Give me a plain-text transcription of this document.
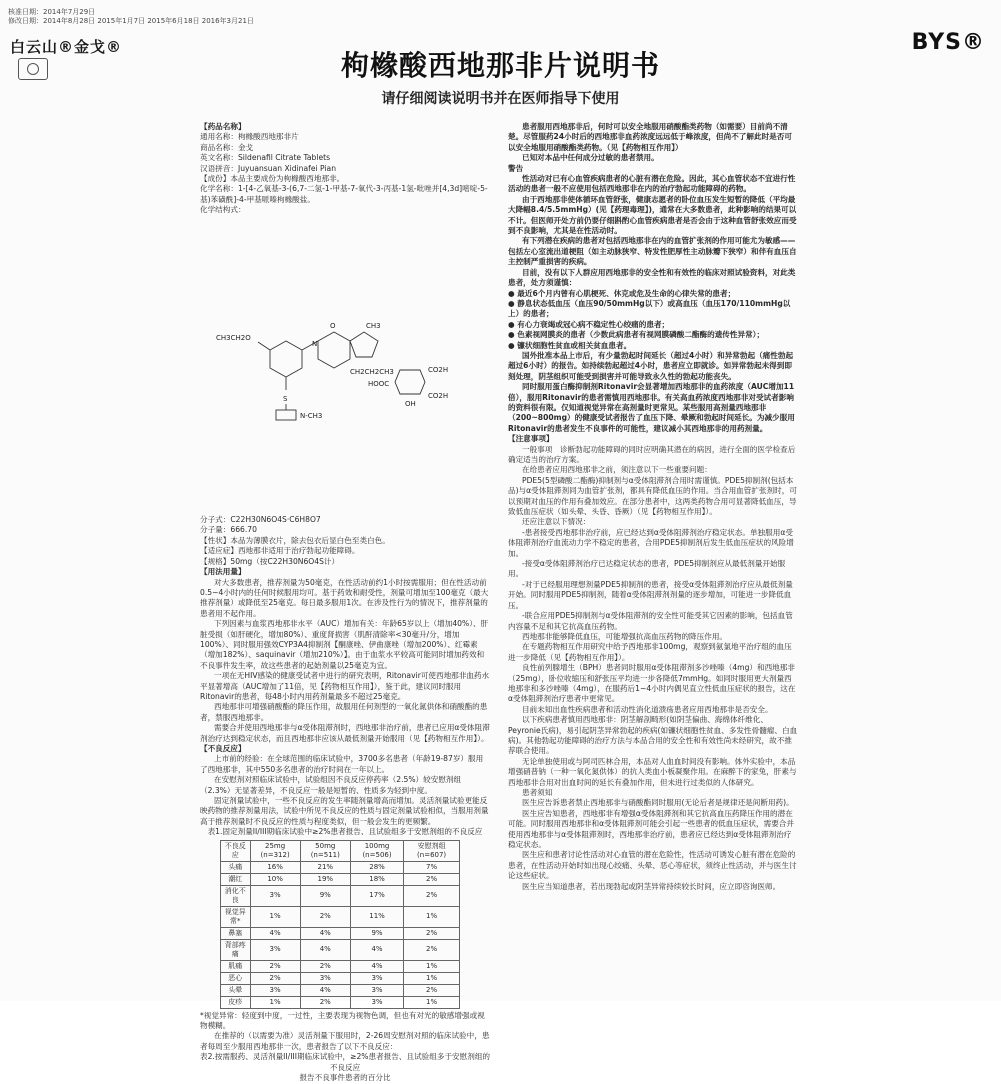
核准日期：2014年7月29日
修改日期：2014年8月28日 2015年1月7日 2015年6月18日 2016年3月21日
白云山®金戈®	BYS®
枸橼酸西地那非片说明书
请仔细阅读说明书并在医师指导下使用

【药品名称】

通用名称：枸橼酸西地那非片

商品名称：金戈

英文名称：Sildenafil Citrate Tablets

汉语拼音：Juyuansuan Xidinafei Pian

【成份】本品主要成份为枸橼酸西地那非。

化学名称：1-[4-乙氧基-3-(6,7-二氢-1-甲基-7-氧代-3-丙基-1氢-吡唑并[4,3d]嘧啶-5-基)苯磺酰]-4-甲基哌嗪枸橼酸盐。

化学结构式：

CH3CH2O
N
CH3
CH2CH2CH3
O
S
N-CH3
CO2H
HOOC
CO2H
OH

分子式：C22H30N6O4S·C6H8O7

分子量：666.70

【性状】本品为薄膜衣片，除去包衣后显白色至类白色。

【适应症】西地那非适用于治疗勃起功能障碍。

【规格】50mg（按C22H30N6O4S计）

【用法用量】

对大多数患者，推荐剂量为50毫克，在性活动前约1小时按需服用；但在性活动前0.5~4小时内的任何时候服用均可。基于药效和耐受性，剂量可增加至100毫克（最大推荐剂量）或降低至25毫克。每日最多服用1次。在涉及性行为的情况下，推荐剂量的患者用不起作用。

下列因素与血浆西地那非水平（AUC）增加有关：年龄65岁以上（增加40%）、肝脏受损（如肝硬化，增加80%）、重度肾损害（肌酐清除率<30毫升/分，增加100%）、同时服用强效CYP3A4抑制剂【酮康唑、伊曲康唑（增加200%）、红霉素（增加182%）、saquinavir（增加210%）】。由于血浆水平较高可能同时增加药效和不良事件发生率，故这些患者的起始剂量以25毫克为宜。

一项在无HIV感染的健康受试者中进行的研究表明，Ritonavir可使西地那非血药水平显著增高（AUC增加了11倍，见【药物相互作用】），鉴于此，建议同时服用Ritonavir的患者，每48小时内用药剂量最多不超过25毫克。

西地那非可增强硝酸酯的降压作用，故服用任何剂型的一氧化氮供体和硝酸酯的患者，禁服西地那非。

需要合并使用西地那非与α受体阻滞剂时，西地那非治疗前，患者已应用α受体阻滞剂治疗达到稳定状态，而且西地那非应该从最低剂量开始服用（见【药物相互作用】）。

【不良反应】

上市前的经验：在全球范围的临床试验中，3700多名患者（年龄19-87岁）服用了西地那非，其中550多名患者的治疗时间在一年以上。

在安慰剂对照临床试验中，试验组因不良反应停药率（2.5%）较安慰剂组（2.3%）无显著差异，不良反应一般是短暂的、性质多为轻到中度。

固定剂量试验中，一些不良反应的发生率随剂量增高而增加。灵活剂量试验更能反映药物的推荐剂量用法，试验中所见不良反应的性质与固定剂量试验相似，当服用剂量高于推荐剂量时不良反应的性质与程度类似，但一般会发生的更频繁。

表1.固定剂量II/III期临床试验中≥2%患者报告、且试验组多于安慰剂组的不良反应

不良反应	25mg (n=312)	50mg (n=511)	100mg (n=506)	安慰剂组 (n=607)
头痛	16%	21%	28%	7%
潮红	10%	19%	18%	2%
消化不良	3%	9%	17%	2%
视觉异常*	1%	2%	11%	1%
鼻塞	4%	4%	9%	2%
背部疼痛	3%	4%	4%	2%
肌痛	2%	2%	4%	1%
恶心	2%	3%	3%	1%
头晕	3%	4%	3%	2%
皮疹	1%	2%	3%	1%

*视觉异常：轻度到中度，一过性，主要表现为视物色调，但也有对光的敏感增强或视物模糊。

在推荐的（以需要为准）灵活剂量下服用时，2-26周安慰剂对照的临床试验中，患者每周至少服用西地那非一次，患者报告了以下不良反应：

表2.按需服药、灵活剂量II/III期临床试验中，≥2%患者报告、且试验组多于安慰剂组的不良反应

报告不良事件患者的百分比

患者服用西地那非后，何时可以安全地服用硝酸酯类药物（如需要）目前尚不清楚。尽管服药24小时后的西地那非血药浓度远远低于峰浓度，但尚不了解此时是否可以安全地服用硝酸酯类药物。（见【药物相互作用】）

已知对本品中任何成分过敏的患者禁用。

警告

性活动对已有心血管疾病患者的心脏有潜在危险。因此，其心血管状态不宜进行性活动的患者一般不应使用包括西地那非在内的治疗勃起功能障碍的药物。

由于西地那非使体循环血管舒张，健康志愿者的卧位血压发生短暂的降低（平均最大降幅8.4/5.5mmHg）(见【药理毒理】)，通常在大多数患者，此种影响的结果可以不计。但医师开处方前仍要仔细斟酌心血管疾病患者是否会由于这种血管舒张效应而受到不良影响，尤其是在性活动时。

有下列潜在疾病的患者对包括西地那非在内的血管扩张剂的作用可能尤为敏感——包括左心室流出道梗阻（如主动脉狭窄、特发性肥厚性主动脉瓣下狭窄）和伴有血压自主控制严重损害的疾病。

目前，没有以下人群应用西地那非的安全性和有效性的临床对照试验资料，对此类患者，处方须谨慎：

● 最近6个月内曾有心肌梗死、休克或危及生命的心律失常的患者；

● 静息状态低血压（血压90/50mmHg以下）或高血压（血压170/110mmHg以上）的患者；

● 有心力衰竭或冠心病不稳定性心绞痛的患者；

● 色素视网膜炎的患者（少数此病患者有视网膜磷酸二酯酶的遗传性异常）；

● 镰状细胞性贫血或相关贫血患者。

国外批准本品上市后，有少量勃起时间延长（超过4小时）和异常勃起（痛性勃起超过6小时）的报告。如持续勃起超过4小时，患者应立即就诊。如异常勃起未得到即刻处理，阴茎组织可能受到损害并可能导致永久性的勃起功能丧失。

同时服用蛋白酶抑制剂Ritonavir会显著增加西地那非的血药浓度（AUC增加11倍），服用Ritonavir的患者需慎用西地那非。有关高血药浓度西地那非对受试者影响的资料很有限。仅知道视觉异常在高剂量时更常见。某些服用高剂量西地那非（200~800mg）的健康受试者报告了血压下降、晕厥和勃起时间延长。为减少服用Ritonavir的患者发生不良事件的可能性，建议减小其西地那非的用药剂量。

【注意事项】

一般事项　 诊断勃起功能障碍的同时应明确其潜在的病因，进行全面的医学检查后确定适当的治疗方案。

在给患者应用西地那非之前，须注意以下一些重要问题：

PDE5(5型磷酸二酯酶)抑制剂与α受体阻滞剂合用时需谨慎。PDE5抑制剂(包括本品)与α受体阻滞剂同为血管扩张剂，都具有降低血压的作用。当合用血管扩张剂时，可以预期对血压的作用有叠加效应。在部分患者中，这两类药物合用可显著降低血压，导致低血压症状（如头晕、头昏、昏厥）（见【药物相互作用】）。

还应注意以下情况：

-患者接受西地那非治疗前，应已经达到α受体阻滞剂治疗稳定状态。单独服用α受体阻滞剂治疗血流动力学不稳定的患者，合用PDE5抑制剂后发生低血压症状的风险增加。

-接受α受体阻滞剂治疗已达稳定状态的患者，PDE5抑制剂应从最低剂量开始服用。

-对于已经服用理想剂量PDE5抑制剂的患者，接受α受体阻滞剂治疗应从最低剂量开始。同时服用PDE5抑制剂，随着α受体阻滞剂剂量的逐步增加，可能进一步降低血压。

-联合应用PDE5抑制剂与α受体阻滞剂的安全性可能受其它因素的影响，包括血管内容量不足和其它抗高血压药物。

西地那非能够降低血压，可能增强抗高血压药物的降压作用。

在专题药物相互作用研究中给予西地那非100mg，观察到氨氯地平治疗组的血压进一步降低（见【药物相互作用】）。

良性前列腺增生（BPH）患者同时服用α受体阻滞剂多沙唑嗪（4mg）和西地那非（25mg），卧位收缩压和舒张压平均进一步各降低7mmHg。如同时服用更大剂量西地那非和多沙唑嗪（4mg），在服药后1~4小时内偶见直立性低血压症状的报告，这在α受体阻滞剂治疗患者中更常见。

目前未知出血性疾病患者和活动性消化道溃疡患者应用西地那非是否安全。

以下疾病患者慎用西地那非：阴茎解剖畸形(如阴茎偏曲、海绵体纤维化、Peyronie氏病)，易引起阴茎异常勃起的疾病(如镰状细胞性贫血、多发性骨髓瘤、白血病)。其他勃起功能障碍的治疗方法与本品合用的安全性和有效性尚未经研究，故不推荐联合使用。

无论单独使用或与阿司匹林合用，本品对人血血时间没有影响。体外实验中，本品增强硝普钠（一种一氧化氮供体）的抗人类血小板凝聚作用。在麻醉下的家兔，肝素与西地那非合用对出血时间的延长有叠加作用，但未进行过类似的人体研究。

患者须知

医生应告诉患者禁止西地那非与硝酸酯同时服用(无论后者是规律还是间断用药)。

医生应告知患者，西地那非有增强α受体阻滞剂和其它抗高血压药降压作用的潜在可能。同时服用西地那非和α受体阻滞剂可能会引起一些患者的低血压症状，需要合并使用西地那非与α受体阻滞剂时，西地那非治疗前，患者应已经达到α受体阻滞剂治疗稳定状态。

医生应和患者讨论性活动对心血管的潜在危险性，性活动可诱发心脏有潜在危险的患者，在性活动开始时如出现心绞痛、头晕、恶心等症状，须终止性活动，并与医生讨论这些症状。

医生应当知道患者，若出现勃起或阴茎异常持续较长时间，应立即咨询医师。
